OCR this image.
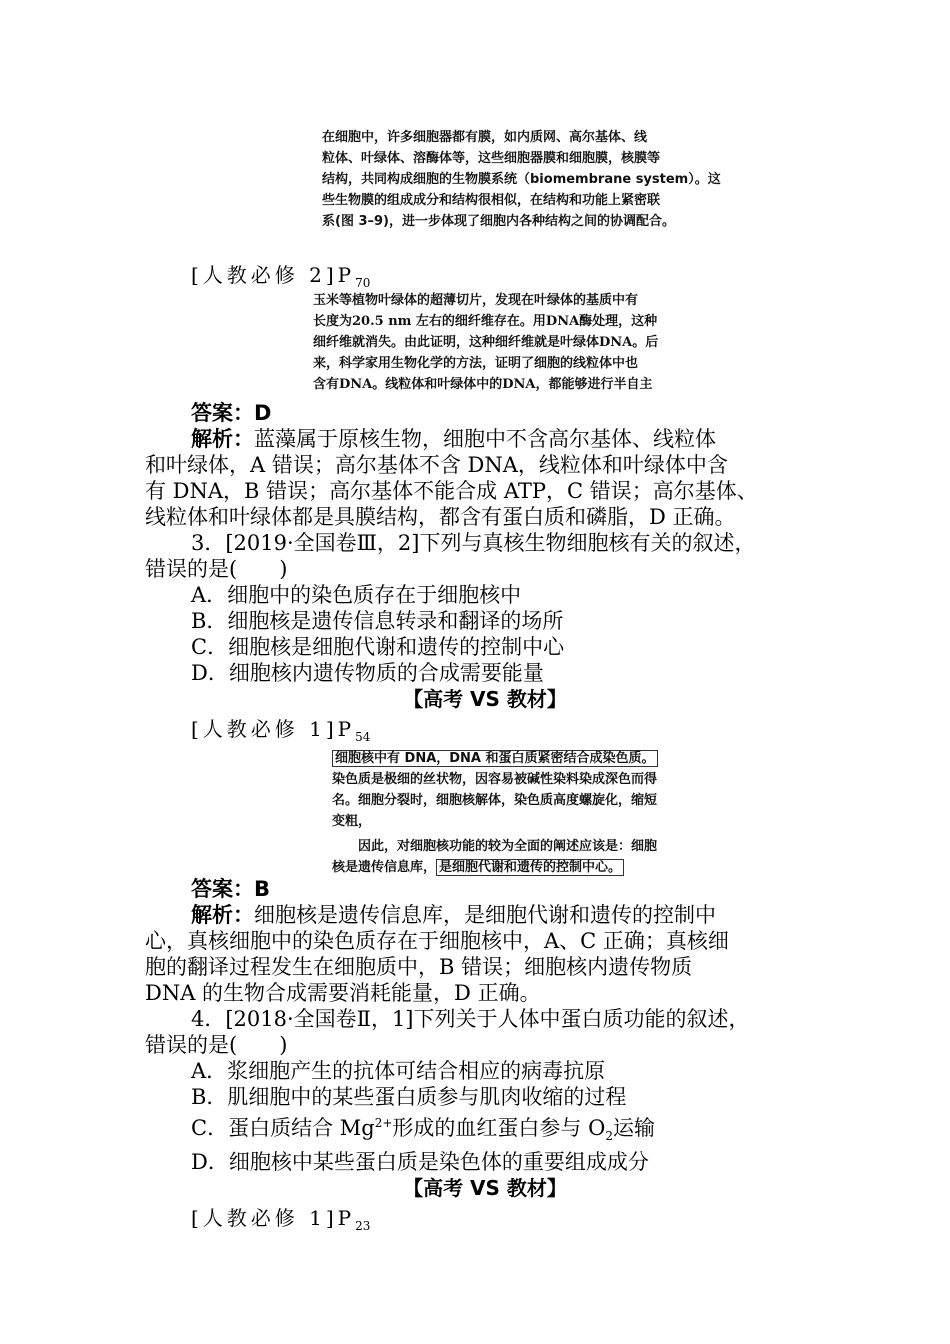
在细胞中，许多细胞器都有膜，如内质网、高尔基体、线

粒体、叶绿体、溶酶体等，这些细胞器膜和细胞膜，核膜等

结构，共同构成细胞的生物膜系统（biomembrane system）。这

些生物膜的组成成分和结构很相似，在结构和功能上紧密联

系(图 3–9)，进一步体现了细胞内各种结构之间的协调配合。

[人教必修 $2]P_{70}$

玉米等植物叶绿体的超薄切片，发现在叶绿体的基质中有

长度为20.5 nm 左右的细纤维存在。用DNA酶处理，这种

细纤维就消失。由此证明，这种细纤维就是叶绿体DNA。后

来，科学家用生物化学的方法，证明了细胞的线粒体中也

含有DNA。线粒体和叶绿体中的DNA，都能够进行半自主

答案：D

解析：蓝藻属于原核生物，细胞中不含高尔基体、线粒体

和叶绿体，A 错误；高尔基体不含 DNA，线粒体和叶绿体中含

有 DNA，B 错误；高尔基体不能合成 ATP，C 错误；高尔基体、

线粒体和叶绿体都是具膜结构，都含有蛋白质和磷脂，D 正确。

3．[2019·全国卷Ⅲ，2]下列与真核生物细胞核有关的叙述，

错误的是(　　)

A．细胞中的染色质存在于细胞核中

B．细胞核是遗传信息转录和翻译的场所

C．细胞核是细胞代谢和遗传的控制中心

D．细胞核内遗传物质的合成需要能量

【高考 VS 教材】

[人教必修 $1]P_{54}$

细胞核中有 DNA，DNA 和蛋白质紧密结合成染色质。

染色质是极细的丝状物，因容易被碱性染料染成深色而得

名。细胞分裂时，细胞核解体，染色质高度螺旋化，缩短

变粗，

因此，对细胞核功能的较为全面的阐述应该是：细胞

核是遗传信息库， 是细胞代谢和遗传的控制中心。

答案：B

解析：细胞核是遗传信息库，是细胞代谢和遗传的控制中

心，真核细胞中的染色质存在于细胞核中，A、C 正确；真核细

胞的翻译过程发生在细胞质中，B 错误；细胞核内遗传物质

DNA 的生物合成需要消耗能量，D 正确。

4．[2018·全国卷Ⅱ，1]下列关于人体中蛋白质功能的叙述，

错误的是(　　)

A．浆细胞产生的抗体可结合相应的病毒抗原

B．肌细胞中的某些蛋白质参与肌肉收缩的过程

C．蛋白质结合 $Mg^{2+}$形成的血红蛋白参与 $O_2$运输

D．细胞核中某些蛋白质是染色体的重要组成成分

【高考 VS 教材】

[人教必修 $1]P_{23}$
